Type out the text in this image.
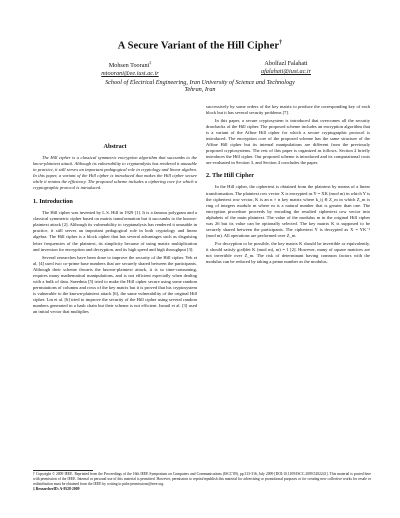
A Secure Variant of the Hill Cipher†
Mohsen Toorani‡
mtoorani@ee.iust.ac.ir
Abolfazl Falahati
afalahati@iust.ac.ir
School of Electrical Engineering, Iran University of Science and Technology
Tehran, Iran
Abstract

The Hill cipher is a classical symmetric encryption algorithm that succumbs to the know-plaintext attack. Although its vulnerability to cryptanalysis has rendered it unusable in practice, it still serves an important pedagogical role in cryptology and linear algebra. In this paper, a variant of the Hill cipher is introduced that makes the Hill cipher secure while it retains the efficiency. The proposed scheme includes a ciphering core for which a cryptographic protocol is introduced.

1. Introduction

The Hill cipher was invented by L.S. Hill in 1929 [1]. It is a famous polygram and a classical symmetric cipher based on matrix transformation but it succumbs to the known-plaintext attack [2]. Although its vulnerability to cryptanalysis has rendered it unusable in practice, it still serves an important pedagogical role in both cryptology and linear algebra. The Hill cipher is a block cipher that has several advantages such as disguising letter frequencies of the plaintext, its simplicity because of using matrix multiplication and inversion for encryption and decryption, and its high speed and high throughput [3].

Several researches have been done to improve the security of the Hill cipher. Yeh et al. [4] used two co-prime base numbers that are securely shared between the participants. Although their scheme thwarts the known-plaintext attack, it is so time-consuming, requires many mathematical manipulations, and is not efficient especially when dealing with a bulk of data. Saeednia [5] tried to make the Hill cipher secure using some random permutations of columns and rows of the key matrix but it is proved that his cryptosystem is vulnerable to the known-plaintext attack [6], the same vulnerability of the original Hill cipher. Lin et al. [6] tried to improve the security of the Hill cipher using several random numbers generated in a hash chain but their scheme is not efficient. Ismail et al. [3] used an initial vector that multiplies

successively by some orders of the key matrix to produce the corresponding key of each block but it has several security problems [7].

In this paper, a secure cryptosystem is introduced that overcomes all the security drawbacks of the Hill cipher. The proposed scheme includes an encryption algorithm that is a variant of the Affine Hill cipher for which a secure cryptographic protocol is introduced. The encryption core of the proposed scheme has the same structure of the Affine Hill cipher but its internal manipulations are different from the previously proposed cryptosystems. The rest of this paper is organized as follows. Section 2 briefly introduces the Hill cipher. Our proposed scheme is introduced and its computational costs are evaluated in Section 3, and Section 4 concludes the paper.

2. The Hill Cipher

In the Hill cipher, the ciphertext is obtained from the plaintext by means of a linear transformation. The plaintext row vector X is encrypted as Y = XK (mod m) in which Y is the ciphertext row vector, K is an n × n key matrix where k_ij ∈ Z_m in which Z_m is ring of integers modulo m where m is a natural number that is greater than one. The encryption procedure proceeds by encoding the resulted ciphertext row vector into alphabets of the main plaintext. The value of the modulus m in the original Hill cipher was 26 but its value can be optionally selected. The key matrix K is supposed to be securely shared between the participants. The ciphertext Y is decrypted as X = YK⁻¹ (mod m). All operations are performed over Z_m.

For decryption to be possible, the key matrix K should be invertible or equivalently, it should satisfy gcd(det K (mod m), m) = 1 [2]. However, many of square matrices are not invertible over Z_m. The risk of determinant having common factors with the modulus can be reduced by taking a prime number as the modulus.

† Copyright © 2009 IEEE. Reprinted from the Proceedings of the 16th IEEE Symposium on Computers and Communications (ISCC'09), pp.313-316, July 2009 [DOI:10.1109/ISCC.2009.5202241]. This material is posted here with permission of the IEEE. Internal or personal use of this material is permitted. However, permission to reprint/republish this material for advertising or promotional purposes or for creating new collective works for resale or redistribution must be obtained from the IEEE by writing to pubs-permissions@ieee.org.
‡ ResearcherID: A-9528-2009
